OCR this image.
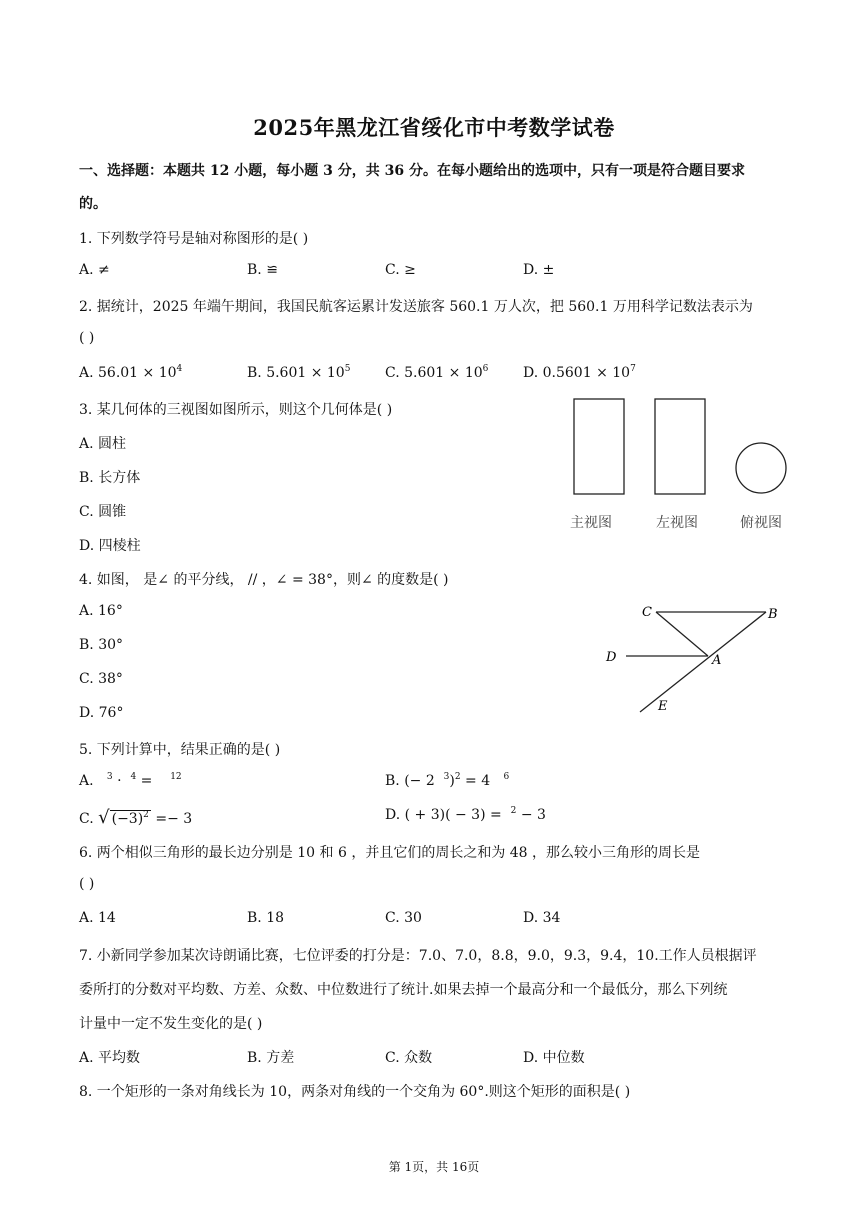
2025年黑龙江省绥化市中考数学试卷
一、选择题：本题共 12 小题，每小题 3 分，共 36 分。在每小题给出的选项中，只有一项是符合题目要求
的。
1. 下列数学符号是轴对称图形的是( )
A. ≠	B. ≌	C. ≥	D. ±
2. 据统计，2025 年端午期间，我国民航客运累计发送旅客 560.1 万人次，把 560.1 万用科学记数法表示为
( )
A. $56.01 \times 10^4$	B. $5.601 \times 10^5$ C. $5.601 \times 10^6$ D. $0.5601 \times 10^7$
3. 某几何体的三视图如图所示，则这个几何体是( )
A. 圆柱
B. 长方体
C. 圆锥
D. 四棱柱
主视图	左视图	俯视图
4. 如图， 是∠ 的平分线， // ，∠ = 38°，则∠ 的度数是( )
A. 16°
B. 30°
C. 38°
D. 76°
C	B
D	A
E
5. 下列计算中，结果正确的是( )
A. $^3$ · $^4$ = $^{12}$	B. (− 2 $^3$)$^2$ = 4 $^6$
C. √ $(-3)^2 =- 3$	D. ( + 3)( − 3) = $^2$ − 3
6. 两个相似三角形的最长边分别是 10 和 6 ，并且它们的周长之和为 48 ，那么较小三角形的周长是
( )
A. 14	B. 18	C. 30	D. 34
7. 小新同学参加某次诗朗诵比赛，七位评委的打分是：7.0、7.0，8.8，9.0，9.3，9.4，10.工作人员根据评
委所打的分数对平均数、方差、众数、中位数进行了统计.如果去掉一个最高分和一个最低分，那么下列统
计量中一定不发生变化的是( )
A. 平均数	B. 方差	C. 众数	D. 中位数
8. 一个矩形的一条对角线长为 10，两条对角线的一个交角为 60°.则这个矩形的面积是( )
第 1页，共 16页
